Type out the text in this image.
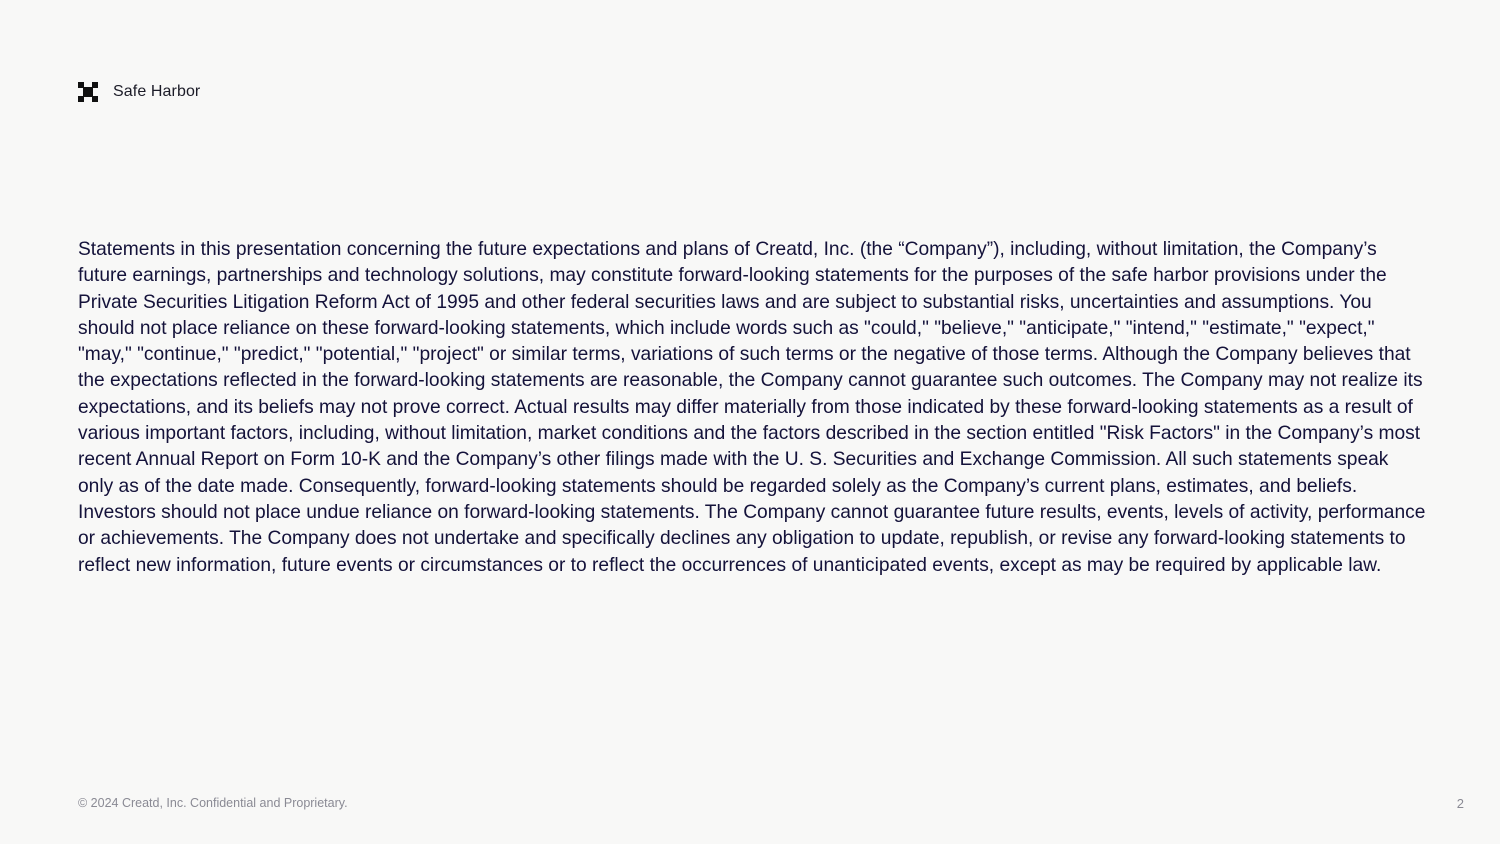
Safe Harbor

Statements in this presentation concerning the future expectations and plans of Creatd, Inc. (the “Company”), including, without limitation, the Company’s future earnings, partnerships and technology solutions, may constitute forward-looking statements for the purposes of the safe harbor provisions under the Private Securities Litigation Reform Act of 1995 and other federal securities laws and are subject to substantial risks, uncertainties and assumptions. You should not place reliance on these forward-looking statements, which include words such as "could," "believe," "anticipate," "intend," "estimate," "expect," "may," "continue," "predict," "potential," "project" or similar terms, variations of such terms or the negative of those terms. Although the Company believes that the expectations reflected in the forward-looking statements are reasonable, the Company cannot guarantee such outcomes. The Company may not realize its expectations, and its beliefs may not prove correct. Actual results may differ materially from those indicated by these forward-looking statements as a result of various important factors, including, without limitation, market conditions and the factors described in the section entitled "Risk Factors" in the Company’s most recent Annual Report on Form 10-K and the Company’s other filings made with the U. S. Securities and Exchange Commission. All such statements speak only as of the date made. Consequently, forward-looking statements should be regarded solely as the Company’s current plans, estimates, and beliefs. Investors should not place undue reliance on forward-looking statements. The Company cannot guarantee future results, events, levels of activity, performance or achievements. The Company does not undertake and specifically declines any obligation to update, republish, or revise any forward-looking statements to reflect new information, future events or circumstances or to reflect the occurrences of unanticipated events, except as may be required by applicable law.

© 2024 Creatd, Inc. Confidential and Proprietary.	2
